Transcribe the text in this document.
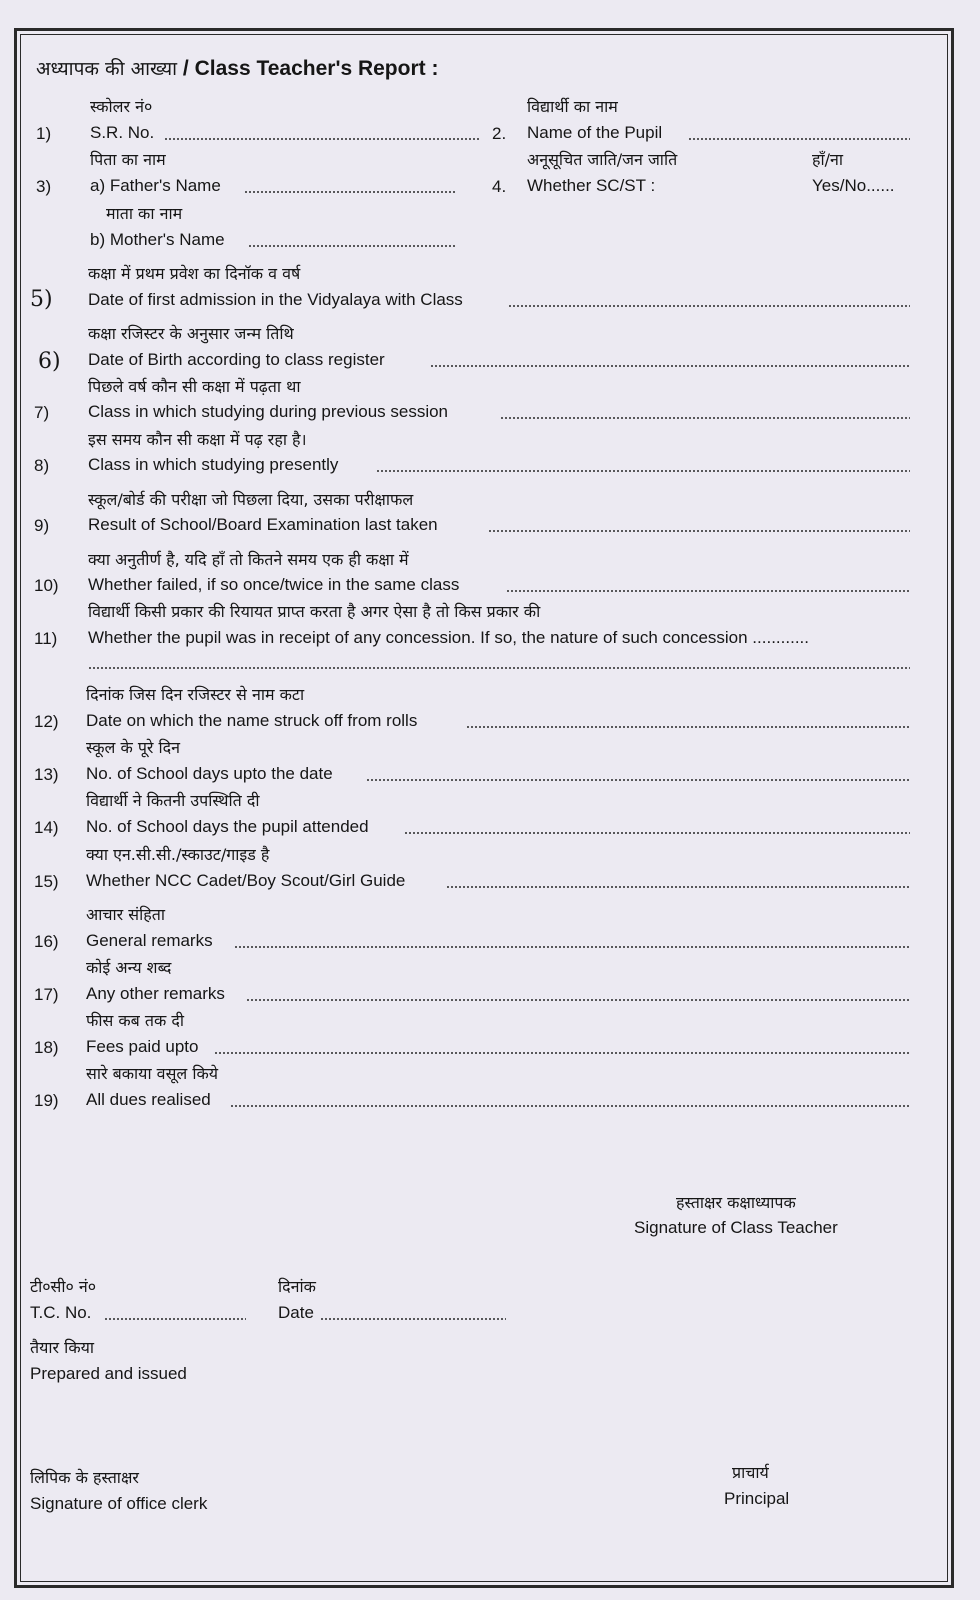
अध्यापक की आख्या / Class Teacher's Report :
स्कोलर नं०
1) S.R. No.
विद्यार्थी का नाम
2. Name of the Pupil
पिता का नाम
3) a) Father's Name
अनूसूचित जाति/जन जाति	हाँ/ना
4. Whether SC/ST :	Yes/No......
माता का नाम
b) Mother's Name
कक्षा में प्रथम प्रवेश का दिनॉक व वर्ष
5) Date of first admission in the Vidyalaya with Class
कक्षा रजिस्टर के अनुसार जन्म तिथि
6) Date of Birth according to class register
पिछले वर्ष कौन सी कक्षा में पढ़ता था
7) Class in which studying during previous session
इस समय कौन सी कक्षा में पढ़ रहा है।
8) Class in which studying presently
स्कूल/बोर्ड की परीक्षा जो पिछला दिया, उसका परीक्षाफल
9) Result of School/Board Examination last taken
क्या अनुतीर्ण है, यदि हाँ तो कितने समय एक ही कक्षा में
10) Whether failed, if so once/twice in the same class
विद्यार्थी किसी प्रकार की रियायत प्राप्त करता है अगर ऐसा है तो किस प्रकार की
11) Whether the pupil was in receipt of any concession. If so, the nature of such concession ............
दिनांक जिस दिन रजिस्टर से नाम कटा
12) Date on which the name struck off from rolls
स्कूल के पूरे दिन
13) No. of School days upto the date
विद्यार्थी ने कितनी उपस्थिति दी
14) No. of School days the pupil attended
क्या एन.सी.सी./स्काउट/गाइड है
15) Whether NCC Cadet/Boy Scout/Girl Guide
आचार संहिता
16) General remarks
कोई अन्य शब्द
17) Any other remarks
फीस कब तक दी
18) Fees paid upto
सारे बकाया वसूल किये
19) All dues realised
हस्ताक्षर कक्षाध्यापक
Signature of Class Teacher
टी०सी० नं०
T.C. No.
दिनांक
Date
तैयार किया
Prepared and issued
लिपिक के हस्ताक्षर
Signature of office clerk
प्राचार्य
Principal
